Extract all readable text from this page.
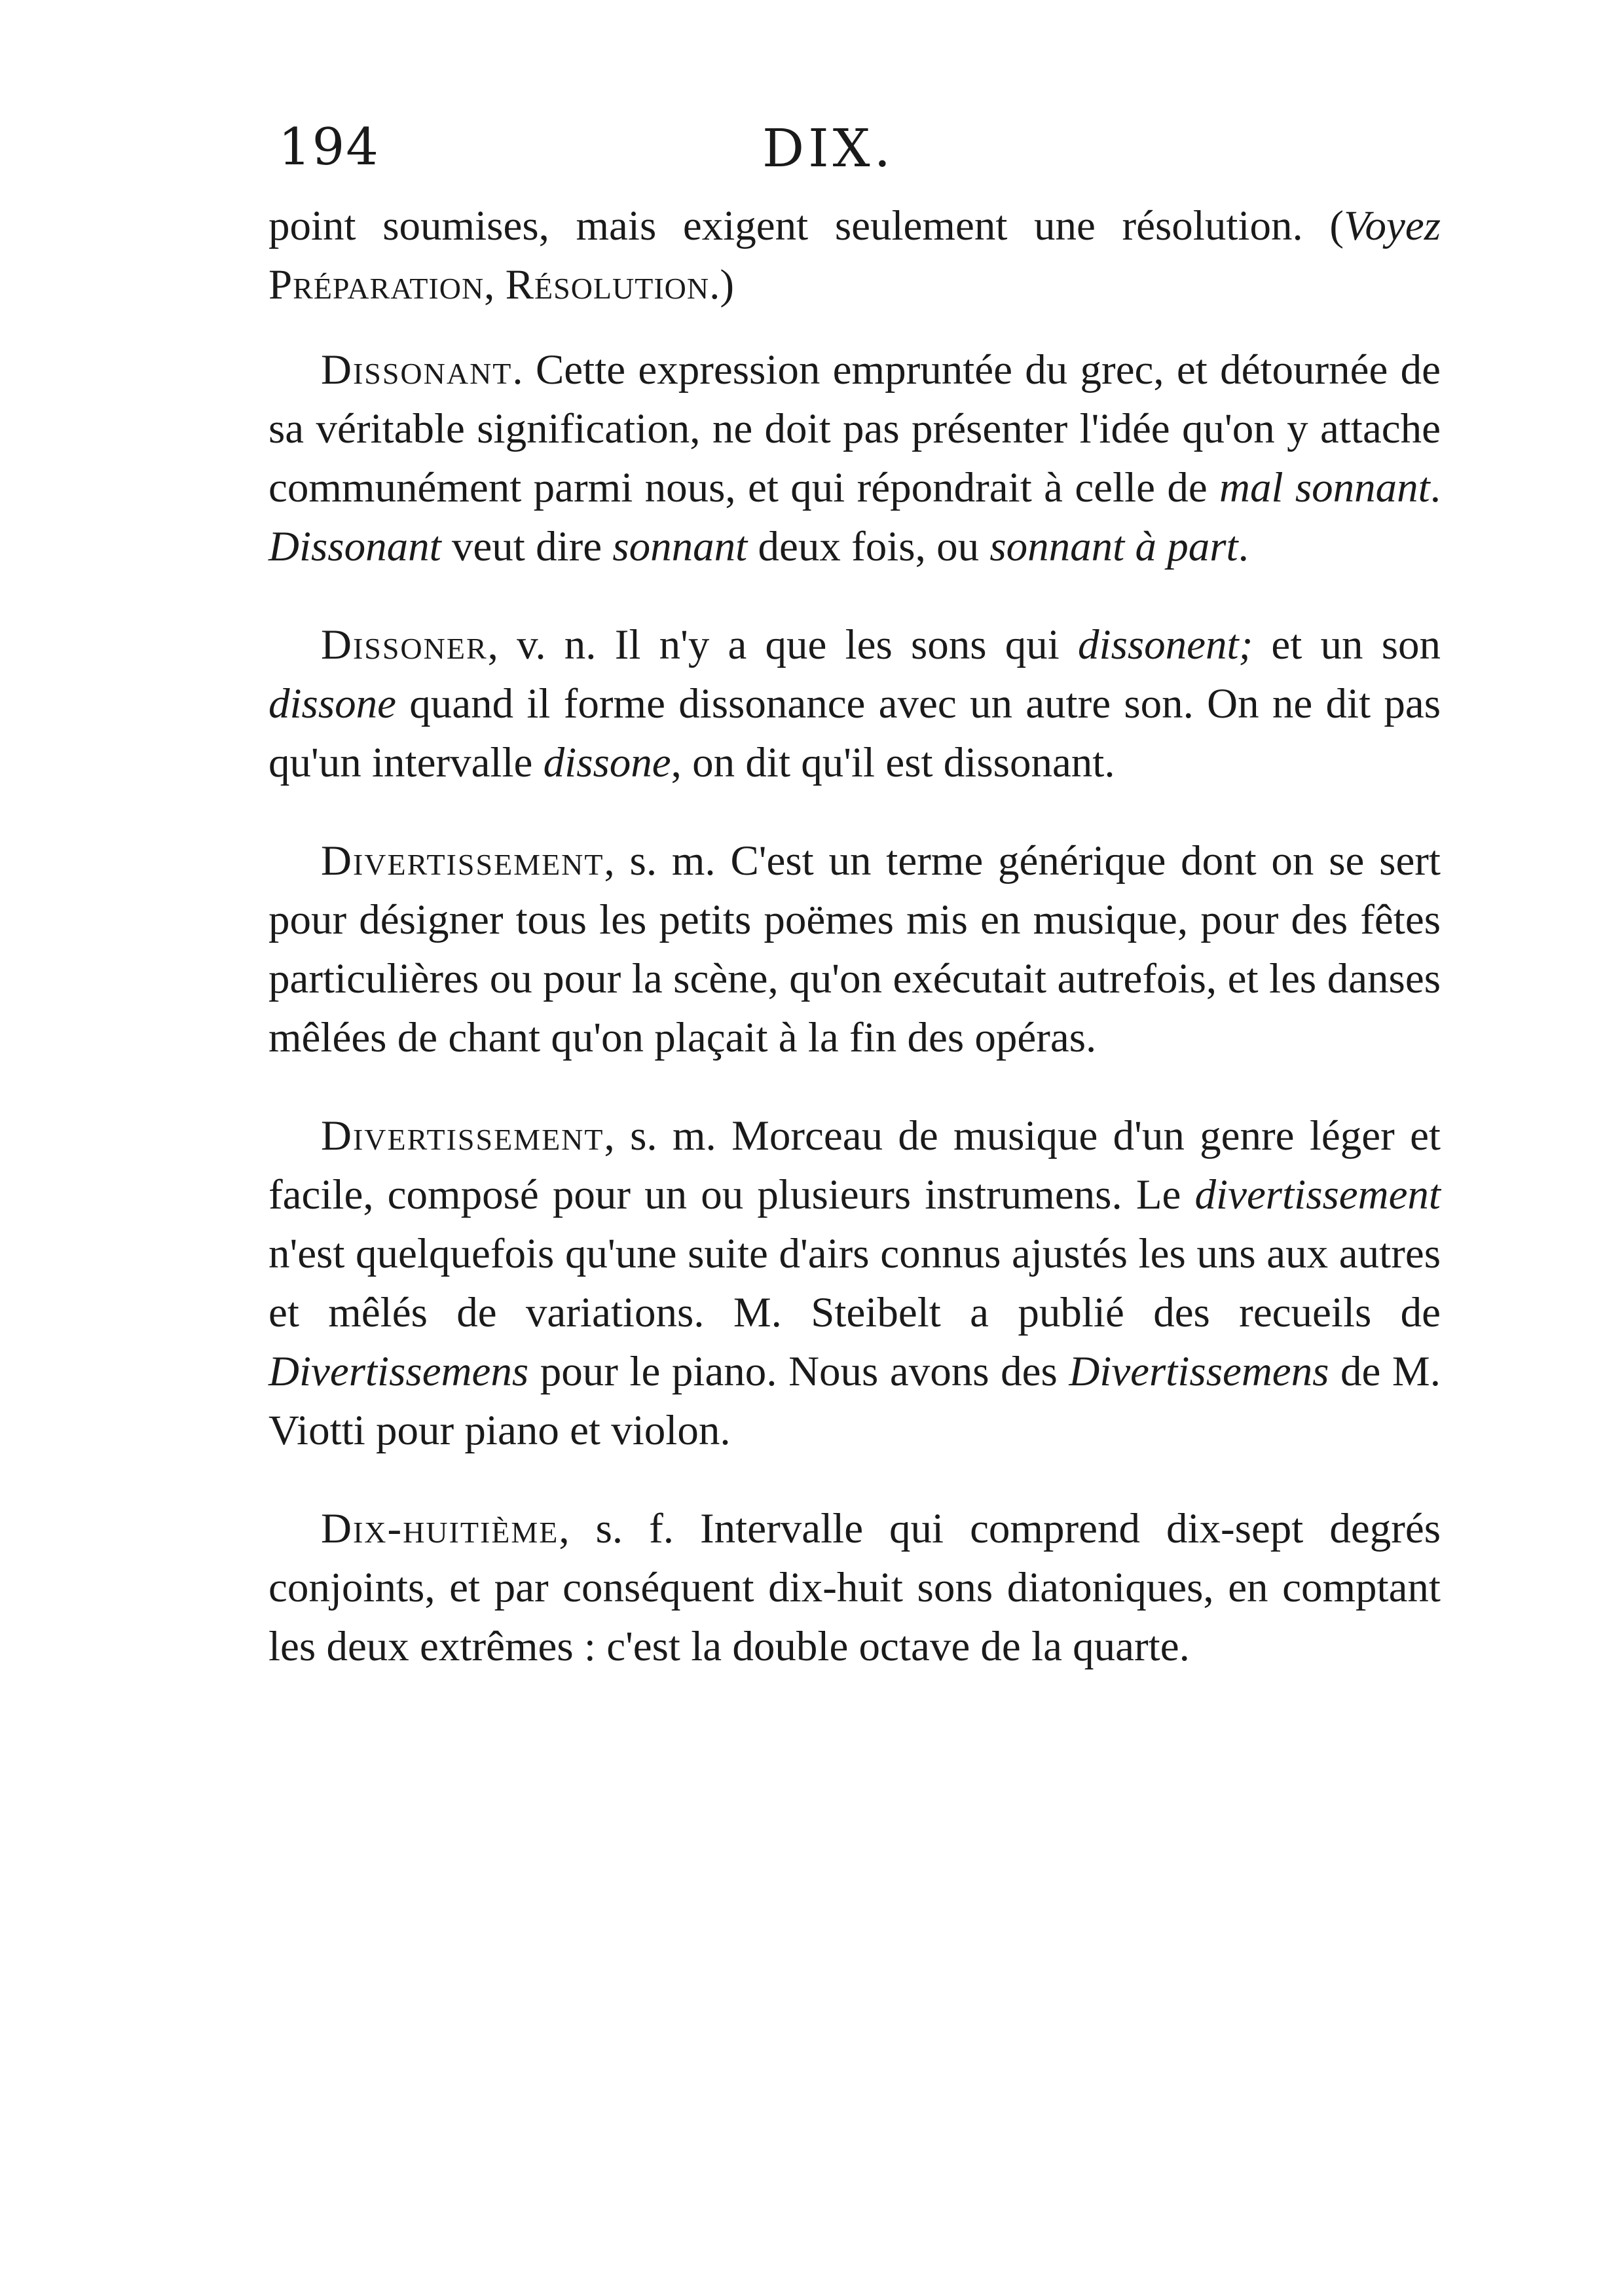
194	DIX.

point soumises, mais exigent seulement une résolution. (Voyez Préparation, Résolution.)

Dissonant. Cette expression empruntée du grec, et détournée de sa véritable signification, ne doit pas présenter l'idée qu'on y attache communément parmi nous, et qui répondrait à celle de mal sonnant. Dissonant veut dire sonnant deux fois, ou sonnant à part.

Dissoner, v. n. Il n'y a que les sons qui dissonent; et un son dissone quand il forme dissonance avec un autre son. On ne dit pas qu'un intervalle dissone, on dit qu'il est dissonant.

Divertissement, s. m. C'est un terme générique dont on se sert pour désigner tous les petits poëmes mis en musique, pour des fêtes particulières ou pour la scène, qu'on exécutait autrefois, et les danses mêlées de chant qu'on plaçait à la fin des opéras.

Divertissement, s. m. Morceau de musique d'un genre léger et facile, composé pour un ou plusieurs instrumens. Le divertissement n'est quelquefois qu'une suite d'airs connus ajustés les uns aux autres et mêlés de variations. M. Steibelt a publié des recueils de Divertissemens pour le piano. Nous avons des Divertissemens de M. Viotti pour piano et violon.

Dix-huitième, s. f. Intervalle qui comprend dix-sept degrés conjoints, et par conséquent dix-huit sons diatoniques, en comptant les deux extrêmes : c'est la double octave de la quarte.
